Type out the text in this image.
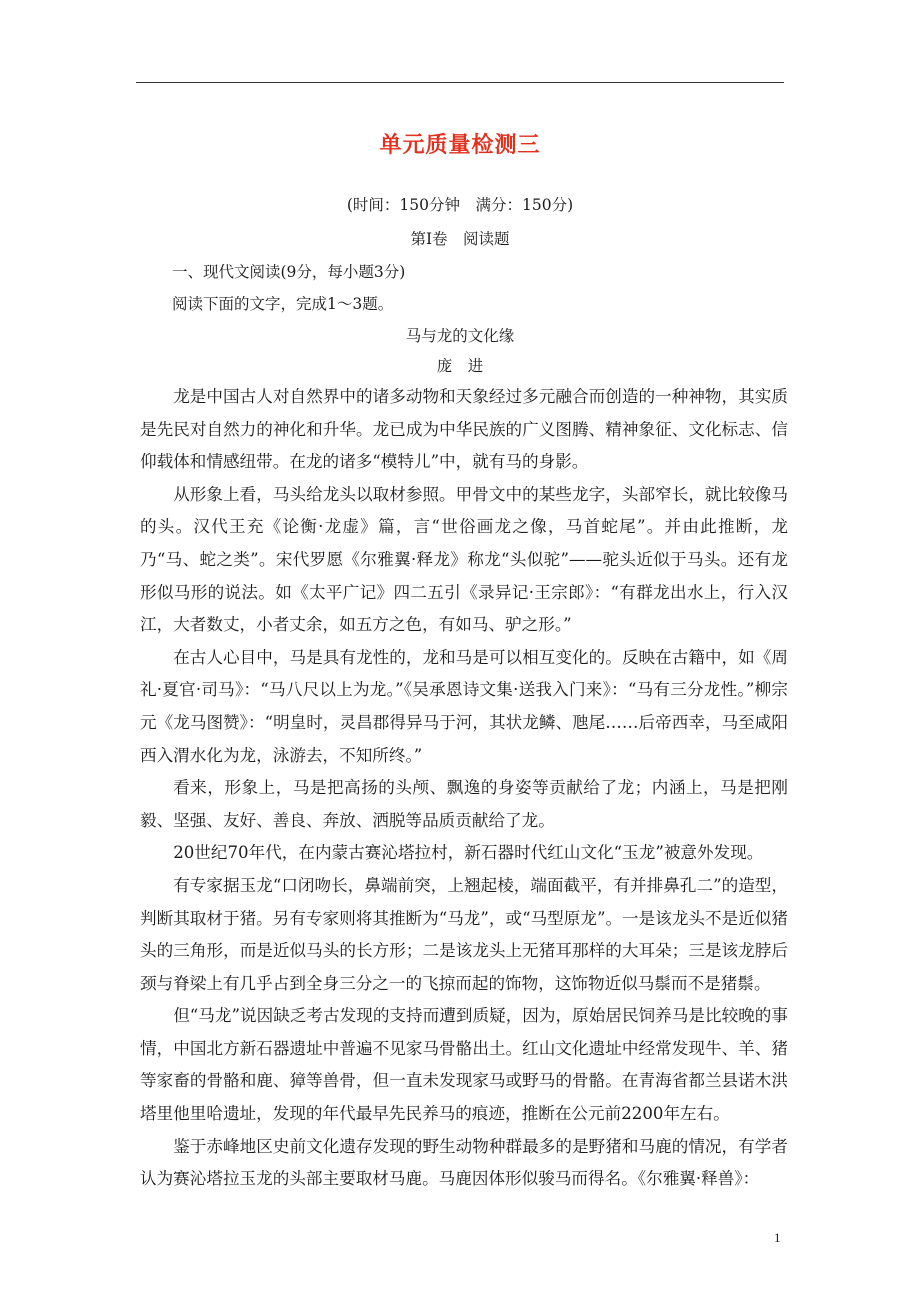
单元质量检测三
(时间：150分钟　满分：150分)
第Ⅰ卷　阅读题
一、现代文阅读(9分，每小题3分)
阅读下面的文字，完成1～3题。
马与龙的文化缘
庞　进

龙是中国古人对自然界中的诸多动物和天象经过多元融合而创造的一种神物，其实质是先民对自然力的神化和升华。龙已成为中华民族的广义图腾、精神象征、文化标志、信仰载体和情感纽带。在龙的诸多“模特儿”中，就有马的身影。

从形象上看，马头给龙头以取材参照。甲骨文中的某些龙字，头部窄长，就比较像马的头。汉代王充《论衡·龙虚》篇，言“世俗画龙之像，马首蛇尾”。并由此推断，龙乃“马、蛇之类”。宋代罗愿《尔雅翼·释龙》称龙“头似驼”——驼头近似于马头。还有龙形似马形的说法。如《太平广记》四二五引《录异记·王宗郎》：“有群龙出水上，行入汉江，大者数丈，小者丈余，如五方之色，有如马、驴之形。”

在古人心目中，马是具有龙性的，龙和马是可以相互变化的。反映在古籍中，如《周礼·夏官·司马》：“马八尺以上为龙。”《吴承恩诗文集·送我入门来》：“马有三分龙性。”柳宗元《龙马图赞》：“明皇时，灵昌郡得异马于河，其状龙鳞、虺尾……后帝西幸，马至咸阳西入渭水化为龙，泳游去，不知所终。”

看来，形象上，马是把高扬的头颅、飘逸的身姿等贡献给了龙；内涵上，马是把刚毅、坚强、友好、善良、奔放、洒脱等品质贡献给了龙。

20世纪70年代，在内蒙古赛沁塔拉村，新石器时代红山文化“玉龙”被意外发现。

有专家据玉龙“口闭吻长，鼻端前突，上翘起棱，端面截平，有并排鼻孔二”的造型，判断其取材于猪。另有专家则将其推断为“马龙”，或“马型原龙”。一是该龙头不是近似猪头的三角形，而是近似马头的长方形；二是该龙头上无猪耳那样的大耳朵；三是该龙脖后颈与脊梁上有几乎占到全身三分之一的飞掠而起的饰物，这饰物近似马鬃而不是猪鬃。

但“马龙”说因缺乏考古发现的支持而遭到质疑，因为，原始居民饲养马是比较晚的事情，中国北方新石器遗址中普遍不见家马骨骼出土。红山文化遗址中经常发现牛、羊、猪等家畜的骨骼和鹿、獐等兽骨，但一直未发现家马或野马的骨骼。在青海省都兰县诺木洪塔里他里哈遗址，发现的年代最早先民养马的痕迹，推断在公元前2200年左右。

鉴于赤峰地区史前文化遗存发现的野生动物种群最多的是野猪和马鹿的情况，有学者认为赛沁塔拉玉龙的头部主要取材马鹿。马鹿因体形似骏马而得名。《尔雅翼·释兽》：

1
